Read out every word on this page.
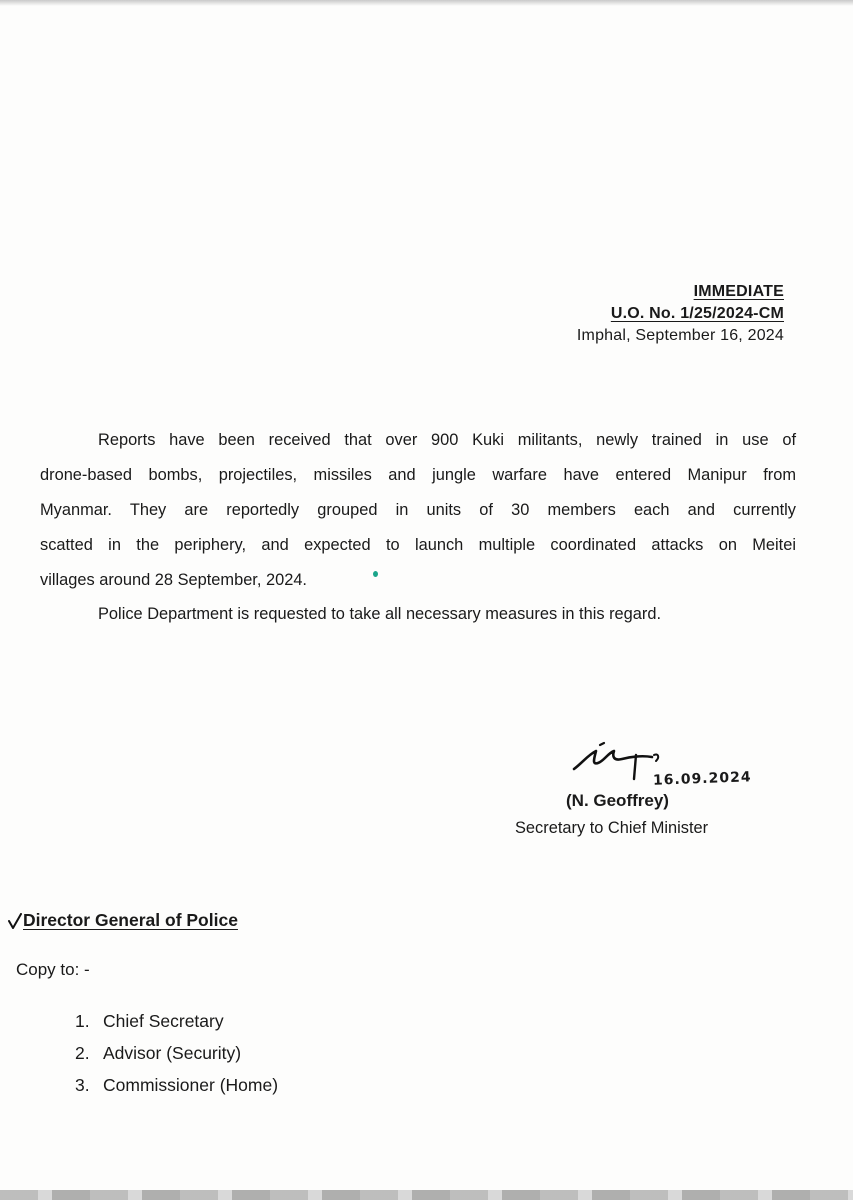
IMMEDIATE
U.O. No. 1/25/2024-CM
Imphal, September 16, 2024
Reports have been received that over 900 Kuki militants, newly trained in use of
drone-based bombs, projectiles, missiles and jungle warfare have entered Manipur from
Myanmar. They are reportedly grouped in units of 30 members each and currently
scatted in the periphery, and expected to launch multiple coordinated attacks on Meitei
villages around 28 September, 2024.
Police Department is requested to take all necessary measures in this regard.
16.09.2024
(N. Geoffrey)
Secretary to Chief Minister
Director General of Police
Copy to: -
1. Chief Secretary
2. Advisor (Security)
3. Commissioner (Home)
